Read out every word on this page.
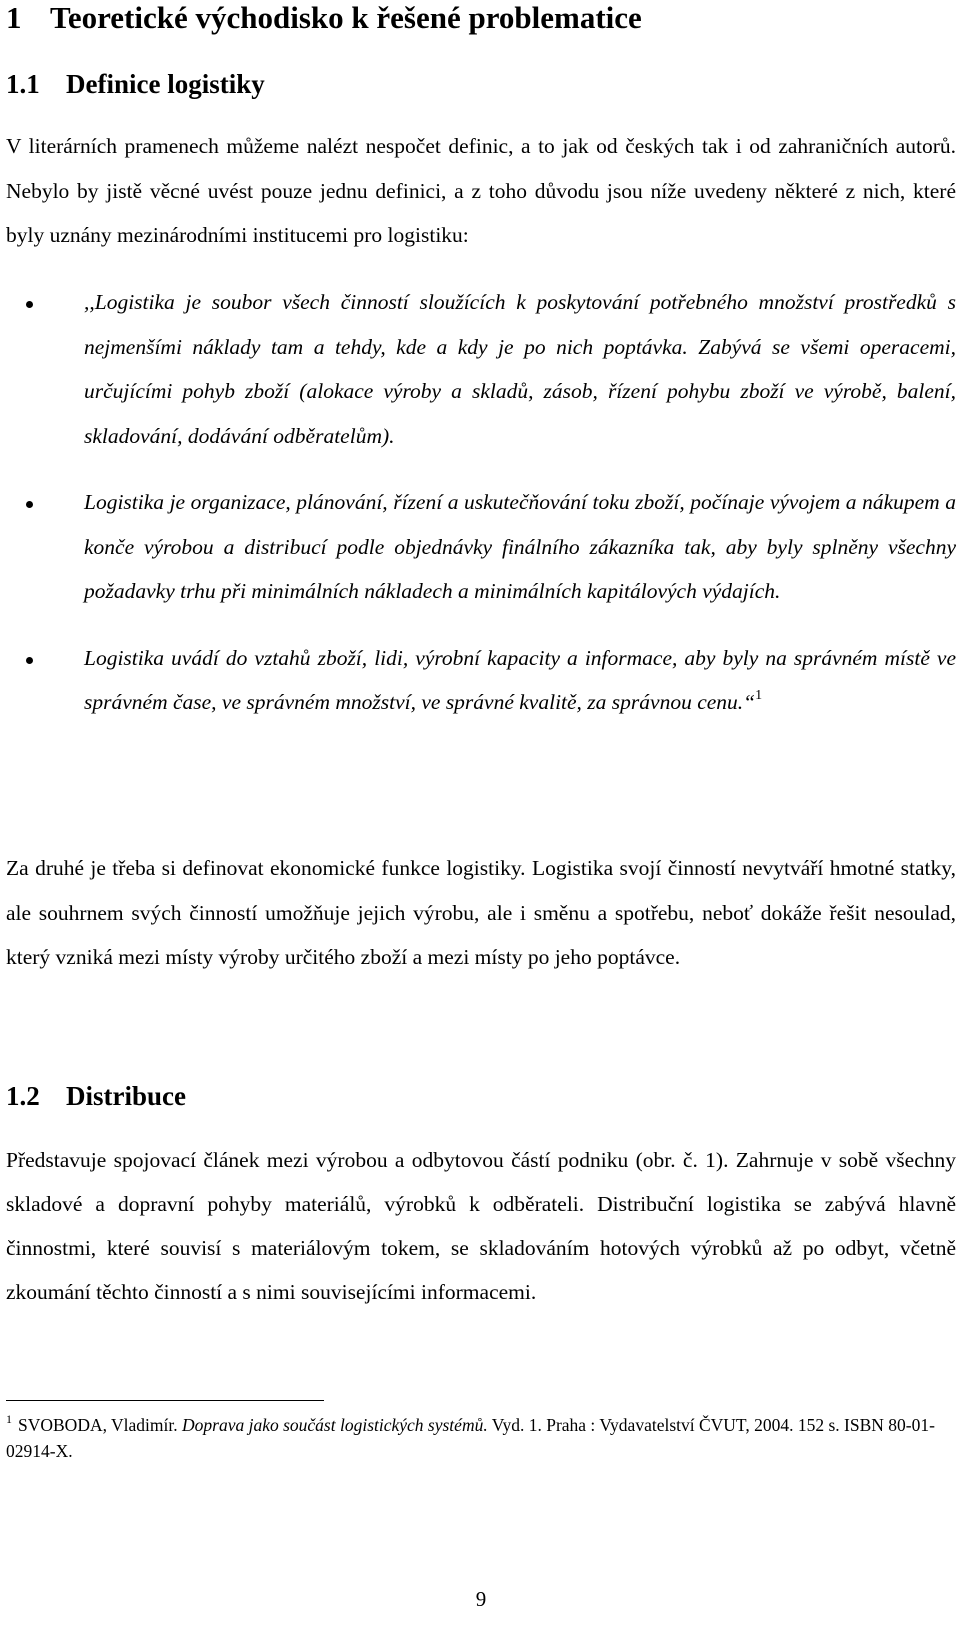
1 Teoretické východisko k řešené problematice
1.1 Definice logistiky

V literárních pramenech můžeme nalézt nespočet definic, a to jak od českých tak i od zahraničních autorů. Nebylo by jistě věcné uvést pouze jednu definici, a z toho důvodu jsou níže uvedeny některé z nich, které byly uznány mezinárodními institucemi pro logistiku:

,,Logistika je soubor všech činností sloužících k poskytování potřebného množství prostředků s nejmenšími náklady tam a tehdy, kde a kdy je po nich poptávka. Zabývá se všemi operacemi, určujícími pohyb zboží (alokace výroby a skladů, zásob, řízení pohybu zboží ve výrobě, balení, skladování, dodávání odběratelům).
Logistika je organizace, plánování, řízení a uskutečňování toku zboží, počínaje vývojem a nákupem a konče výrobou a distribucí podle objednávky finálního zákazníka tak, aby byly splněny všechny požadavky trhu při minimálních nákladech a minimálních kapitálových výdajích.
Logistika uvádí do vztahů zboží, lidi, výrobní kapacity a informace, aby byly na správném místě ve správném čase, ve správném množství, ve správné kvalitě, za správnou cenu.“$^1$

Za druhé je třeba si definovat ekonomické funkce logistiky. Logistika svojí činností nevytváří hmotné statky, ale souhrnem svých činností umožňuje jejich výrobu, ale i směnu a spotřebu, neboť dokáže řešit nesoulad, který vzniká mezi místy výroby určitého zboží a mezi místy po jeho poptávce.

1.2 Distribuce

Představuje spojovací článek mezi výrobou a odbytovou částí podniku (obr. č. 1). Zahrnuje v sobě všechny skladové a dopravní pohyby materiálů, výrobků k odběrateli. Distribuční logistika se zabývá hlavně činnostmi, které souvisí s materiálovým tokem, se skladováním hotových výrobků až po odbyt, včetně zkoumání těchto činností a s nimi souvisejícími informacemi.

$^1$ SVOBODA, Vladimír. Doprava jako součást logistických systémů. Vyd. 1. Praha : Vydavatelství ČVUT, 2004. 152 s. ISBN 80-01-02914-X.

9
